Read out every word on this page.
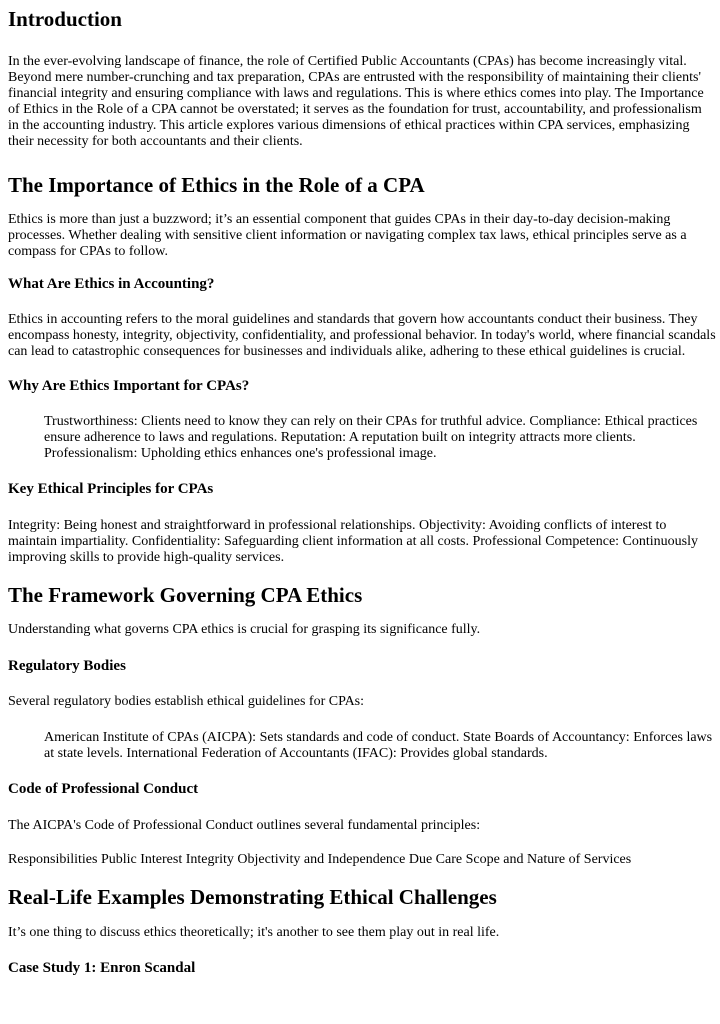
Introduction

In the ever-evolving landscape of finance, the role of Certified Public Accountants (CPAs) has become increasingly vital. Beyond mere number-crunching and tax preparation, CPAs are entrusted with the responsibility of maintaining their clients' financial integrity and ensuring compliance with laws and regulations. This is where ethics comes into play. The Importance of Ethics in the Role of a CPA cannot be overstated; it serves as the foundation for trust, accountability, and professionalism in the accounting industry. This article explores various dimensions of ethical practices within CPA services, emphasizing their necessity for both accountants and their clients.

The Importance of Ethics in the Role of a CPA

Ethics is more than just a buzzword; it’s an essential component that guides CPAs in their day-to-day decision-making processes. Whether dealing with sensitive client information or navigating complex tax laws, ethical principles serve as a compass for CPAs to follow.

What Are Ethics in Accounting?

Ethics in accounting refers to the moral guidelines and standards that govern how accountants conduct their business. They encompass honesty, integrity, objectivity, confidentiality, and professional behavior. In today's world, where financial scandals can lead to catastrophic consequences for businesses and individuals alike, adhering to these ethical guidelines is crucial.

Why Are Ethics Important for CPAs?

Trustworthiness: Clients need to know they can rely on their CPAs for truthful advice. Compliance: Ethical practices ensure adherence to laws and regulations. Reputation: A reputation built on integrity attracts more clients. Professionalism: Upholding ethics enhances one's professional image.

Key Ethical Principles for CPAs

Integrity: Being honest and straightforward in professional relationships. Objectivity: Avoiding conflicts of interest to maintain impartiality. Confidentiality: Safeguarding client information at all costs. Professional Competence: Continuously improving skills to provide high-quality services.

The Framework Governing CPA Ethics

Understanding what governs CPA ethics is crucial for grasping its significance fully.

Regulatory Bodies

Several regulatory bodies establish ethical guidelines for CPAs:

American Institute of CPAs (AICPA): Sets standards and code of conduct. State Boards of Accountancy: Enforces laws at state levels. International Federation of Accountants (IFAC): Provides global standards.

Code of Professional Conduct

The AICPA's Code of Professional Conduct outlines several fundamental principles:

Responsibilities Public Interest Integrity Objectivity and Independence Due Care Scope and Nature of Services

Real-Life Examples Demonstrating Ethical Challenges

It’s one thing to discuss ethics theoretically; it's another to see them play out in real life.

Case Study 1: Enron Scandal
